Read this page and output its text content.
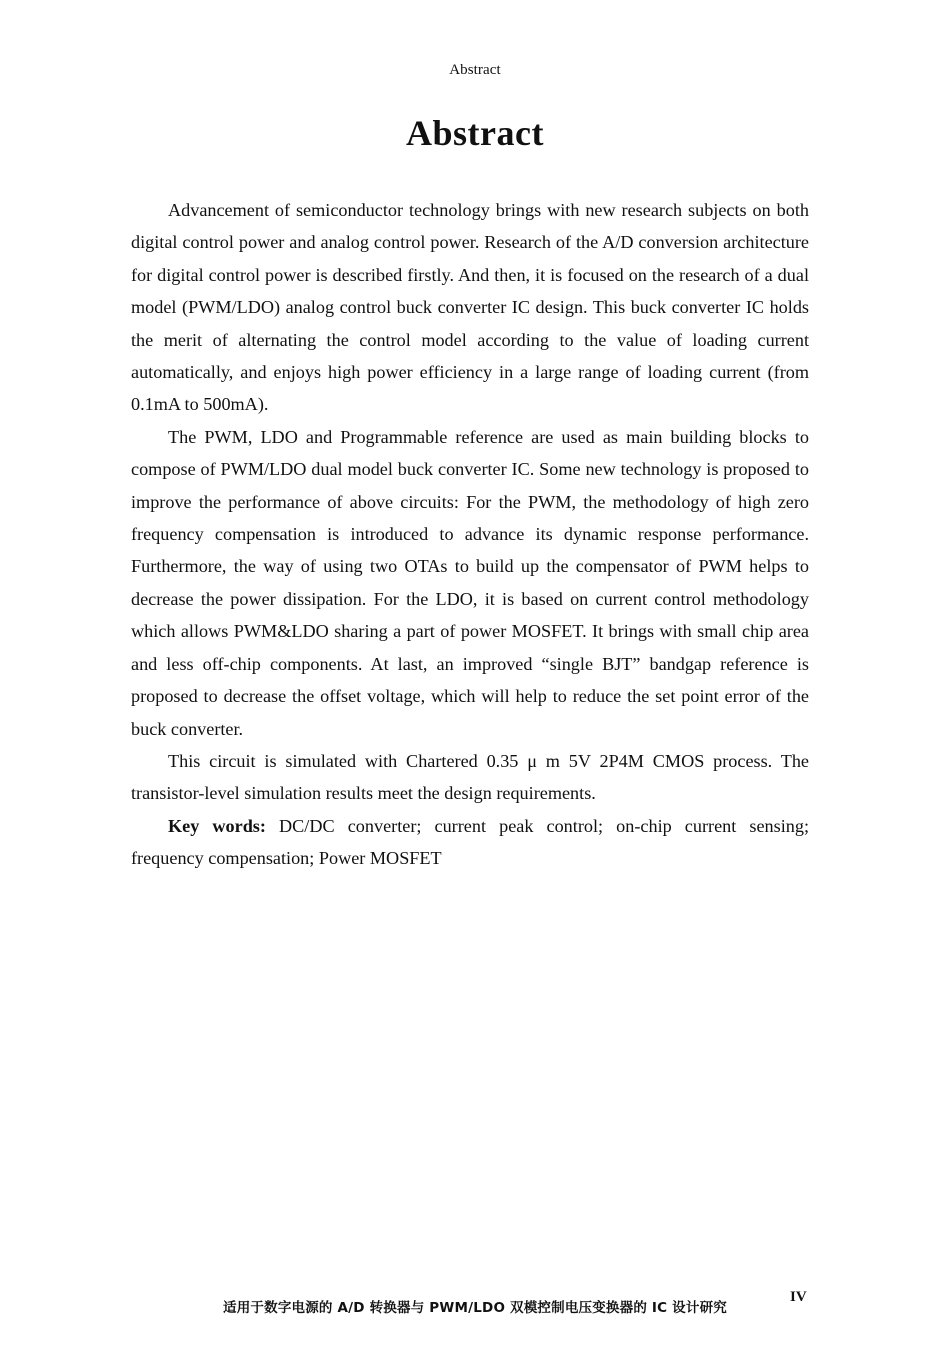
Abstract
Abstract

Advancement of semiconductor technology brings with new research subjects on both digital control power and analog control power. Research of the A/D conversion architecture for digital control power is described firstly. And then, it is focused on the research of a dual model (PWM/LDO) analog control buck converter IC design. This buck converter IC holds the merit of alternating the control model according to the value of loading current automatically, and enjoys high power efficiency in a large range of loading current (from 0.1mA to 500mA).

The PWM, LDO and Programmable reference are used as main building blocks to compose of PWM/LDO dual model buck converter IC. Some new technology is proposed to improve the performance of above circuits: For the PWM, the methodology of high zero frequency compensation is introduced to advance its dynamic response performance. Furthermore, the way of using two OTAs to build up the compensator of PWM helps to decrease the power dissipation. For the LDO, it is based on current control methodology which allows PWM&LDO sharing a part of power MOSFET. It brings with small chip area and less off-chip components. At last, an improved “single BJT” bandgap reference is proposed to decrease the offset voltage, which will help to reduce the set point error of the buck converter.

This circuit is simulated with Chartered 0.35 μ m 5V 2P4M CMOS process. The transistor-level simulation results meet the design requirements.

Key words: DC/DC converter; current peak control; on-chip current sensing; frequency compensation; Power MOSFET

适用于数字电源的 A/D 转换器与 PWM/LDO 双模控制电压变换器的 IC 设计研究
IV
